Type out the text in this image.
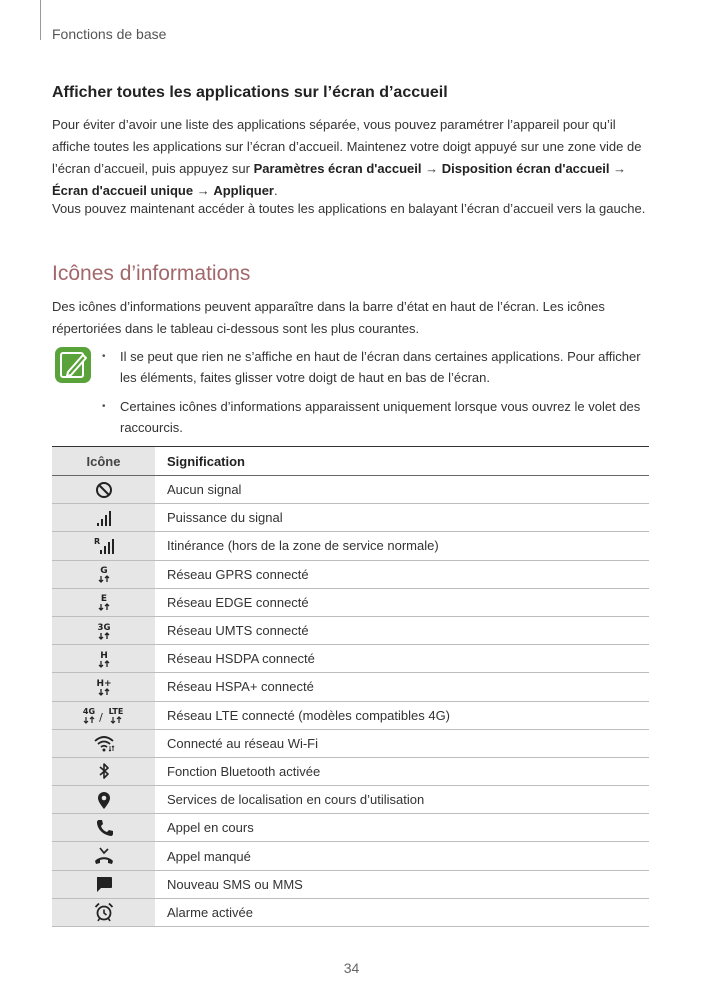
Fonctions de base
Afficher toutes les applications sur l’écran d’accueil

Pour éviter d’avoir une liste des applications séparée, vous pouvez paramétrer l’appareil pour qu’il affiche toutes les applications sur l’écran d’accueil. Maintenez votre doigt appuyé sur une zone vide de l’écran d’accueil, puis appuyez sur Paramètres écran d'accueil → Disposition écran d'accueil → Écran d'accueil unique → Appliquer.

Vous pouvez maintenant accéder à toutes les applications en balayant l’écran d’accueil vers la gauche.

Icônes d’informations

Des icônes d’informations peuvent apparaître dans la barre d’état en haut de l’écran. Les icônes répertoriées dans le tableau ci-dessous sont les plus courantes.

• Il se peut que rien ne s’affiche en haut de l’écran dans certaines applications. Pour afficher les éléments, faites glisser votre doigt de haut en bas de l’écran.
• Certaines icônes d’informations apparaissent uniquement lorsque vous ouvrez le volet des raccourcis.
Icône	Signification
Aucun signal
Puissance du signal
R	Itinérance (hors de la zone de service normale)
G	Réseau GPRS connecté
E	Réseau EDGE connecté
3G	Réseau UMTS connecté
H	Réseau HSDPA connecté
H+	Réseau HSPA+ connecté
4G / LTE	Réseau LTE connecté (modèles compatibles 4G)
Connecté au réseau Wi-Fi
Fonction Bluetooth activée
Services de localisation en cours d’utilisation
Appel en cours
Appel manqué
Nouveau SMS ou MMS
Alarme activée
34
